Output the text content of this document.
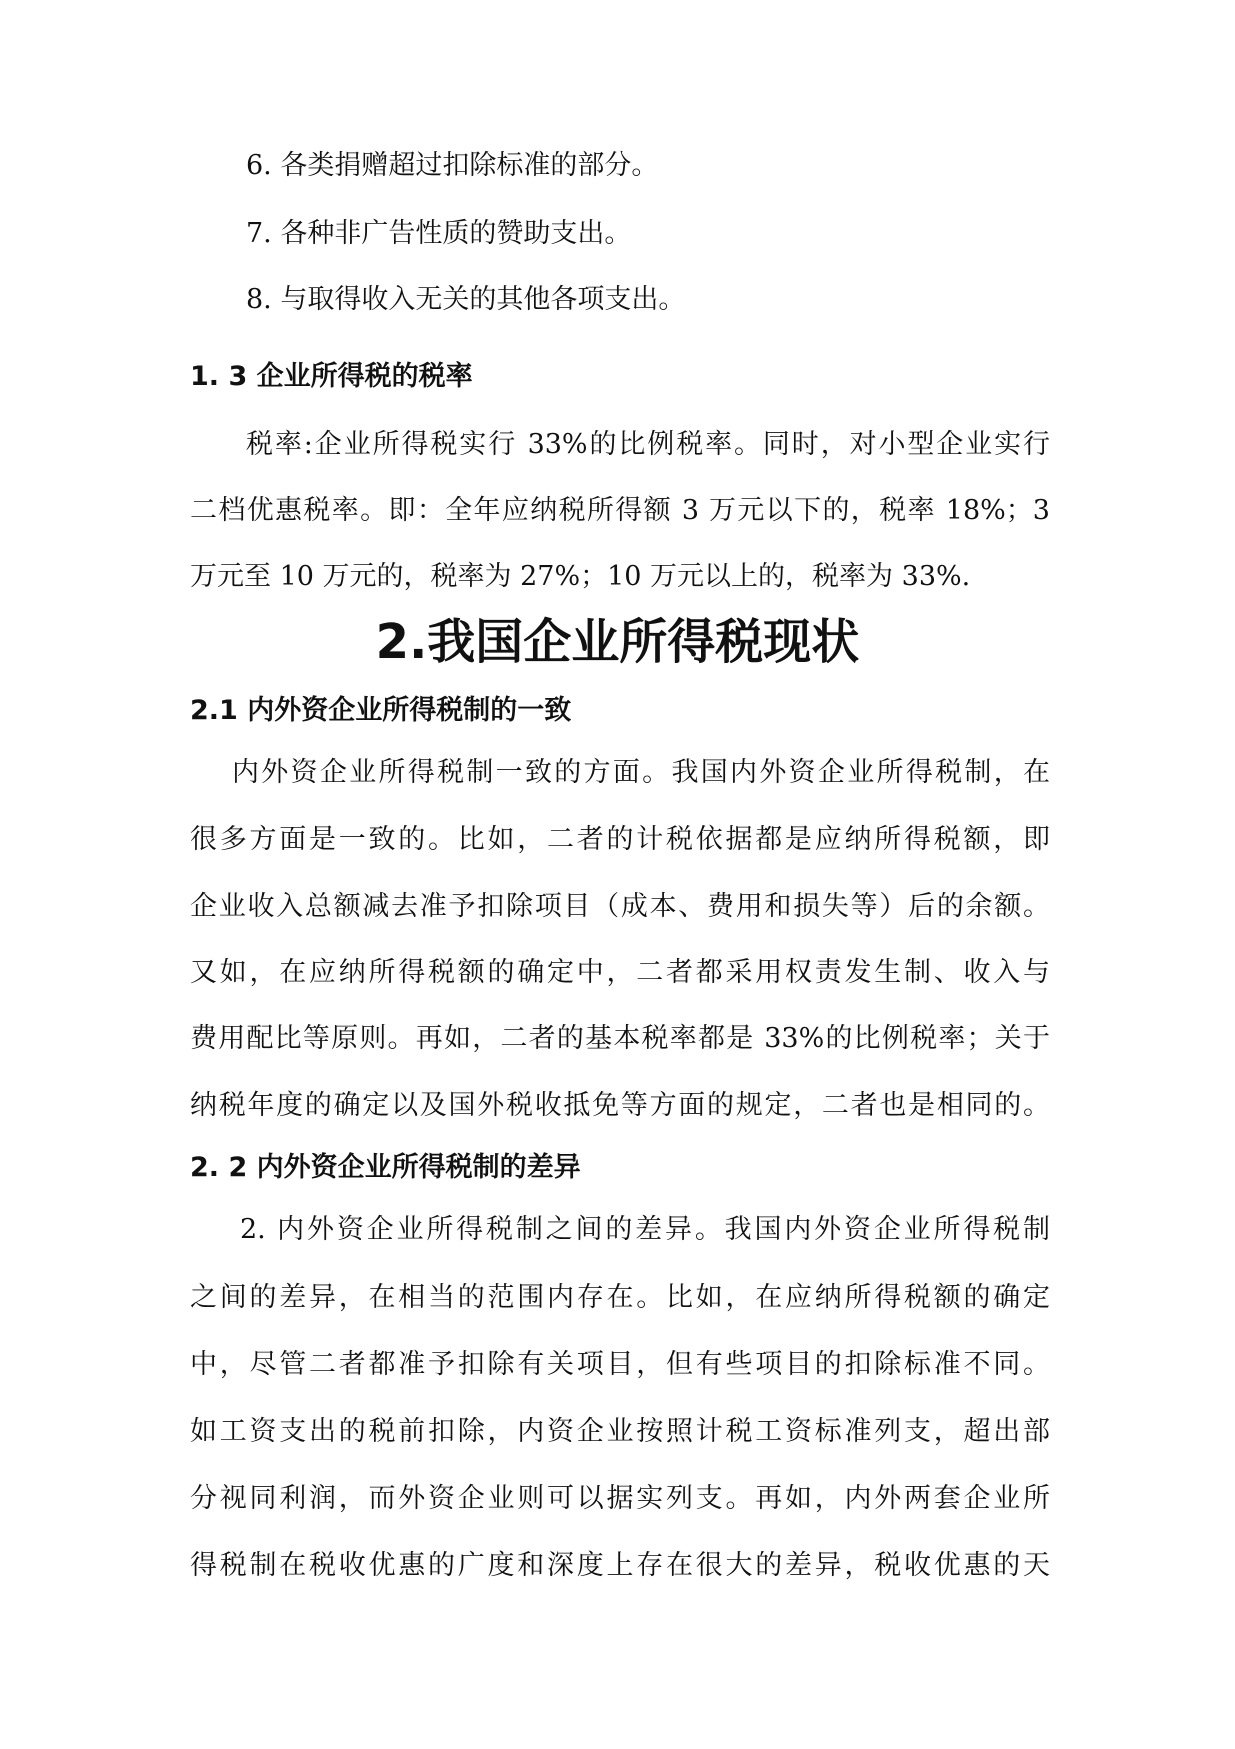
6. 各类捐赠超过扣除标准的部分。
7. 各种非广告性质的赞助支出。
8. 与取得收入无关的其他各项支出。
1. 3 企业所得税的税率
税率:企业所得税实行 33%的比例税率。同时，对小型企业实行
二档优惠税率。即：全年应纳税所得额 3 万元以下的，税率 18%；3
万元至 10 万元的，税率为 27%；10 万元以上的，税率为 33%.
2.我国企业所得税现状
2.1 内外资企业所得税制的一致
内外资企业所得税制一致的方面。我国内外资企业所得税制，在
很多方面是一致的。比如，二者的计税依据都是应纳所得税额，即
企业收入总额减去准予扣除项目（成本、费用和损失等）后的余额。
又如，在应纳所得税额的确定中，二者都采用权责发生制、收入与
费用配比等原则。再如，二者的基本税率都是 33%的比例税率；关于
纳税年度的确定以及国外税收抵免等方面的规定，二者也是相同的。
2. 2 内外资企业所得税制的差异
2. 内外资企业所得税制之间的差异。我国内外资企业所得税制
之间的差异，在相当的范围内存在。比如，在应纳所得税额的确定
中，尽管二者都准予扣除有关项目，但有些项目的扣除标准不同。
如工资支出的税前扣除，内资企业按照计税工资标准列支，超出部
分视同利润，而外资企业则可以据实列支。再如，内外两套企业所
得税制在税收优惠的广度和深度上存在很大的差异，税收优惠的天
